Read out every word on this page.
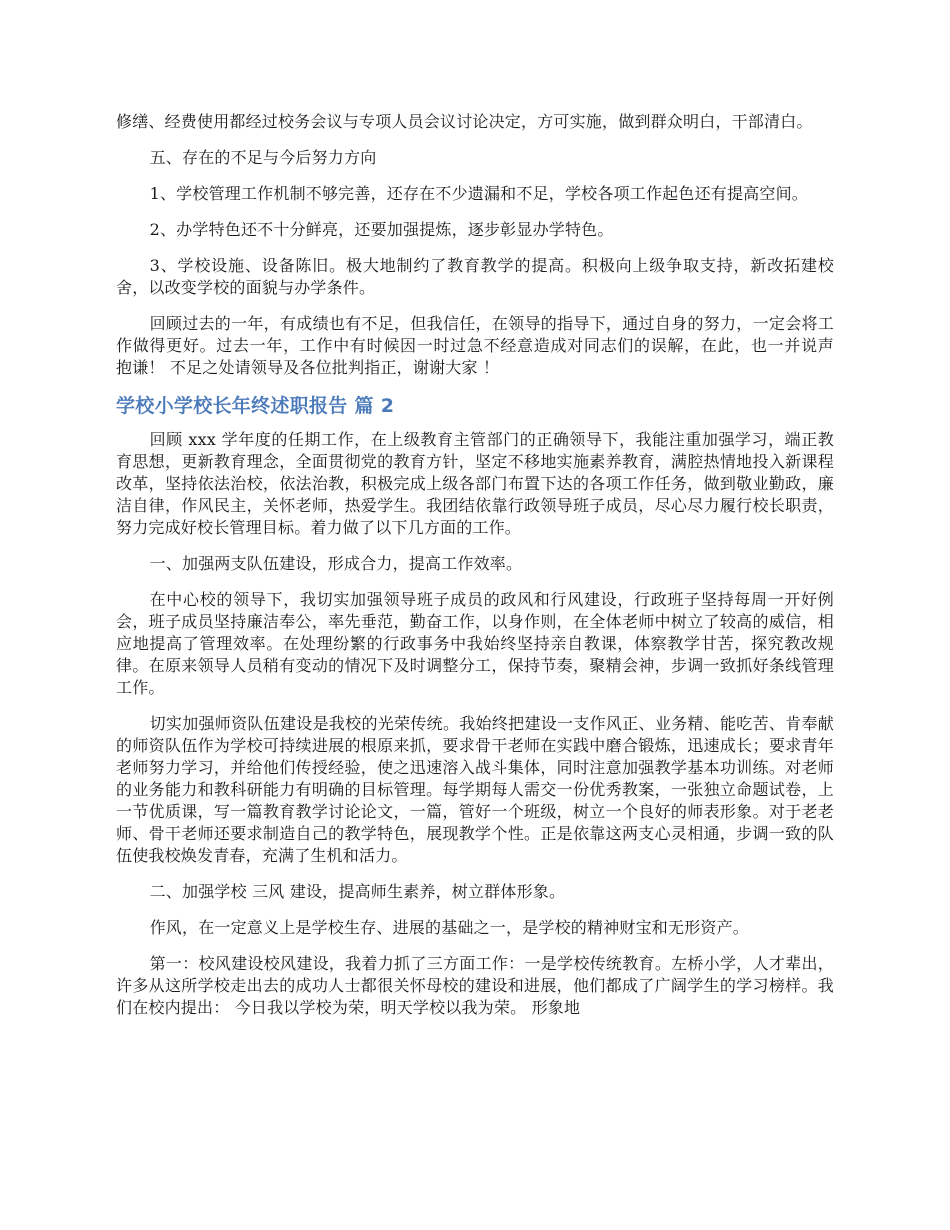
修缮、经费使用都经过校务会议与专项人员会议讨论决定，方可实施，做到群众明白，干部清白。

五、存在的不足与今后努力方向

1、学校管理工作机制不够完善，还存在不少遗漏和不足，学校各项工作起色还有提高空间。

2、办学特色还不十分鲜亮，还要加强提炼，逐步彰显办学特色。

3、学校设施、设备陈旧。极大地制约了教育教学的提高。积极向上级争取支持，新改拓建校舍，以改变学校的面貌与办学条件。

回顾过去的一年，有成绩也有不足，但我信任，在领导的指导下，通过自身的努力，一定会将工作做得更好。过去一年，工作中有时候因一时过急不经意造成对同志们的误解，在此，也一并说声 抱谦！ 不足之处请领导及各位批判指正，谢谢大家 ！

学校小学校长年终述职报告 篇 2

回顾 xxx 学年度的任期工作，在上级教育主管部门的正确领导下，我能注重加强学习，端正教育思想，更新教育理念，全面贯彻党的教育方针，坚定不移地实施素养教育，满腔热情地投入新课程改革，坚持依法治校，依法治教，积极完成上级各部门布置下达的各项工作任务，做到敬业勤政，廉洁自律，作风民主，关怀老师，热爱学生。我团结依靠行政领导班子成员，尽心尽力履行校长职责，努力完成好校长管理目标。着力做了以下几方面的工作。

一、加强两支队伍建设，形成合力，提高工作效率。

在中心校的领导下，我切实加强领导班子成员的政风和行风建设，行政班子坚持每周一开好例会，班子成员坚持廉洁奉公，率先垂范，勤奋工作，以身作则，在全体老师中树立了较高的威信，相应地提高了管理效率。在处理纷繁的行政事务中我始终坚持亲自教课，体察教学甘苦，探究教改规律。在原来领导人员稍有变动的情况下及时调整分工，保持节奏，聚精会神，步调一致抓好条线管理工作。

切实加强师资队伍建设是我校的光荣传统。我始终把建设一支作风正、业务精、能吃苦、肯奉献的师资队伍作为学校可持续进展的根原来抓，要求骨干老师在实践中磨合锻炼，迅速成长；要求青年老师努力学习，并给他们传授经验，使之迅速溶入战斗集体，同时注意加强教学基本功训练。对老师的业务能力和教科研能力有明确的目标管理。每学期每人需交一份优秀教案，一张独立命题试卷，上一节优质课，写一篇教育教学讨论论文，一篇，管好一个班级，树立一个良好的师表形象。对于老老师、骨干老师还要求制造自己的教学特色，展现教学个性。正是依靠这两支心灵相通，步调一致的队伍使我校焕发青春，充满了生机和活力。

二、加强学校 三风 建设，提高师生素养，树立群体形象。

作风，在一定意义上是学校生存、进展的基础之一，是学校的精神财宝和无形资产。

第一：校风建设校风建设，我着力抓了三方面工作：一是学校传统教育。左桥小学，人才辈出，许多从这所学校走出去的成功人士都很关怀母校的建设和进展，他们都成了广阔学生的学习榜样。我们在校内提出： 今日我以学校为荣，明天学校以我为荣。 形象地
